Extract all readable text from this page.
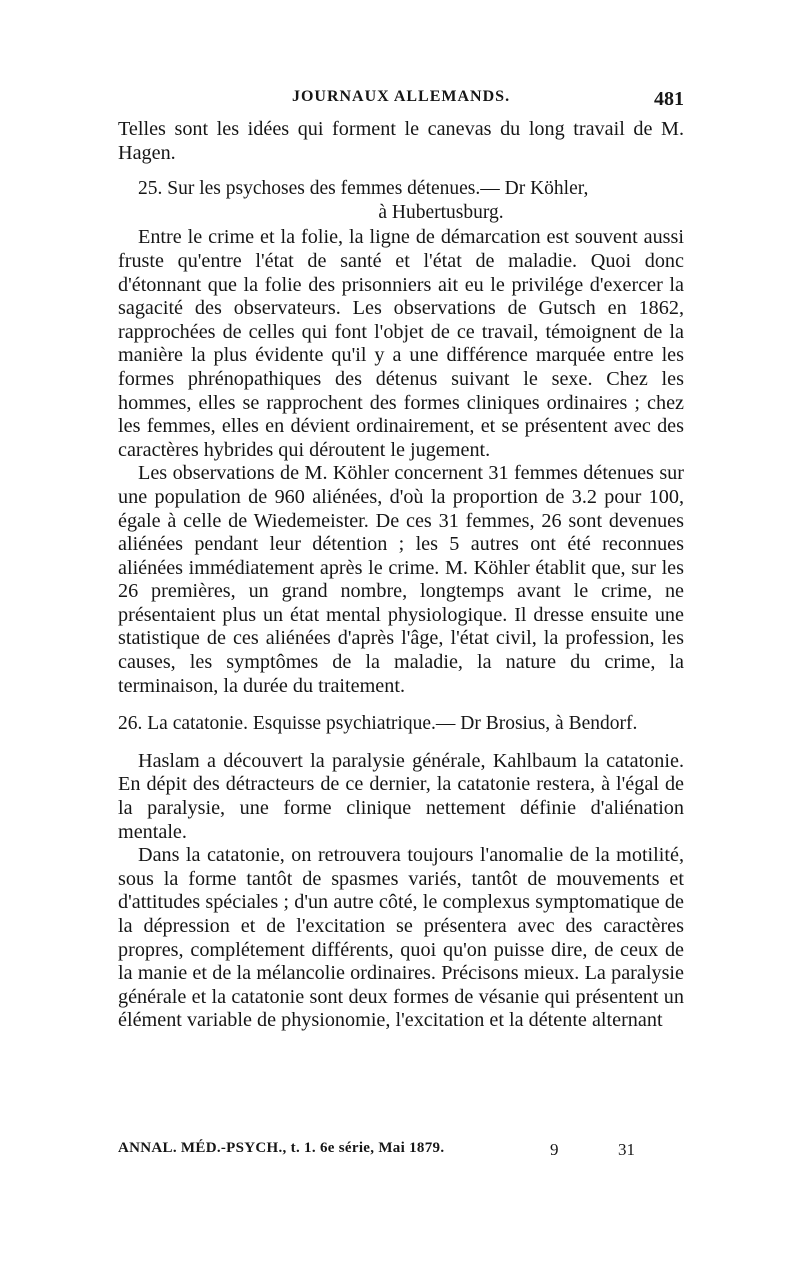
JOURNAUX ALLEMANDS.	481

Telles sont les idées qui forment le canevas du long travail de M. Hagen.

25. Sur les psychoses des femmes détenues.— Dr Köhler,
à Hubertusburg.

Entre le crime et la folie, la ligne de démarcation est souvent aussi fruste qu'entre l'état de santé et l'état de maladie. Quoi donc d'étonnant que la folie des prisonniers ait eu le privilége d'exercer la sagacité des observateurs. Les observations de Gutsch en 1862, rapprochées de celles qui font l'objet de ce travail, témoignent de la manière la plus évidente qu'il y a une différence marquée entre les formes phrénopathiques des détenus suivant le sexe. Chez les hommes, elles se rapprochent des formes cliniques ordinaires ; chez les femmes, elles en dévient ordinairement, et se présentent avec des caractères hybrides qui déroutent le jugement.

Les observations de M. Köhler concernent 31 femmes détenues sur une population de 960 aliénées, d'où la proportion de 3.2 pour 100, égale à celle de Wiedemeister. De ces 31 femmes, 26 sont devenues aliénées pendant leur détention ; les 5 autres ont été reconnues aliénées immédiatement après le crime. M. Köhler établit que, sur les 26 premières, un grand nombre, longtemps avant le crime, ne présentaient plus un état mental physiologique. Il dresse ensuite une statistique de ces aliénées d'après l'âge, l'état civil, la profession, les causes, les symptômes de la maladie, la nature du crime, la terminaison, la durée du traitement.

26. La catatonie. Esquisse psychiatrique.— Dr Brosius, à Bendorf.

Haslam a découvert la paralysie générale, Kahlbaum la catatonie. En dépit des détracteurs de ce dernier, la catatonie restera, à l'égal de la paralysie, une forme clinique nettement définie d'aliénation mentale.

Dans la catatonie, on retrouvera toujours l'anomalie de la motilité, sous la forme tantôt de spasmes variés, tantôt de mouvements et d'attitudes spéciales ; d'un autre côté, le complexus symptomatique de la dépression et de l'excitation se présentera avec des caractères propres, complétement différents, quoi qu'on puisse dire, de ceux de la manie et de la mélancolie ordinaires. Précisons mieux. La paralysie générale et la catatonie sont deux formes de vésanie qui présentent un élément variable de physionomie, l'excitation et la détente alternant

ANNAL. MÉD.-PSYCH., t. 1. 6e série, Mai 1879.	9	31
